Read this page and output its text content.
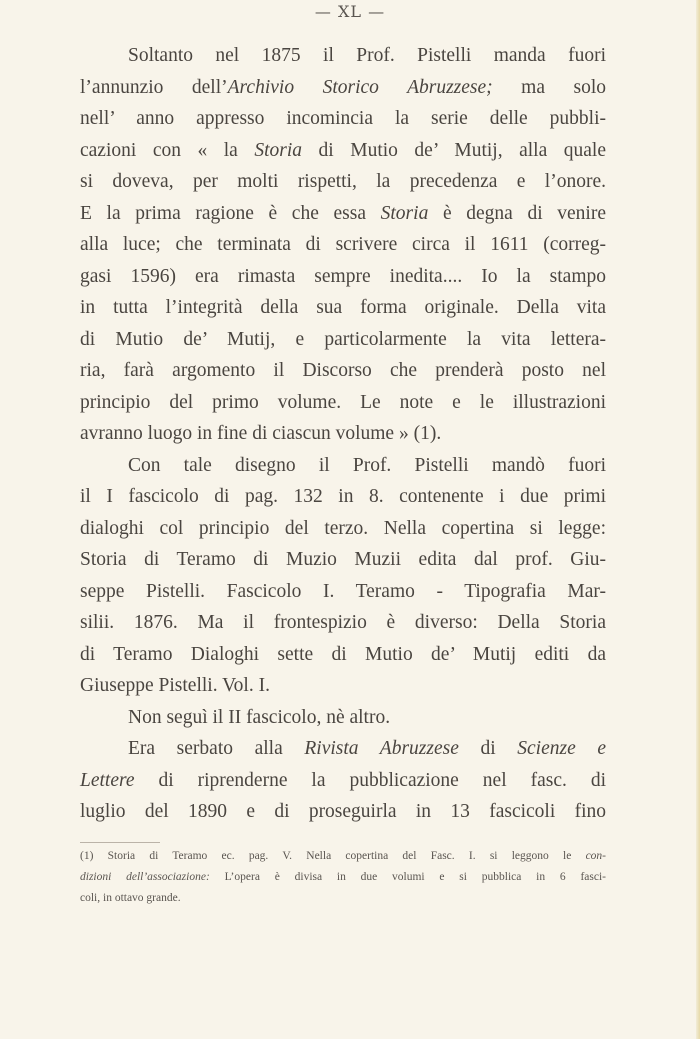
— XL —
Soltanto nel 1875 il Prof. Pistelli manda fuori
l’annunzio dell’Archivio Storico Abruzzese; ma solo
nell’ anno appresso incomincia la serie delle pubbli-
cazioni con « la Storia di Mutio de’ Mutij, alla quale
si doveva, per molti rispetti, la precedenza e l’onore.
E la prima ragione è che essa Storia è degna di venire
alla luce; che terminata di scrivere circa il 1611 (correg-
gasi 1596) era rimasta sempre inedita.... Io la stampo
in tutta l’integrità della sua forma originale. Della vita
di Mutio de’ Mutij, e particolarmente la vita lettera-
ria, farà argomento il Discorso che prenderà posto nel
principio del primo volume. Le note e le illustrazioni
avranno luogo in fine di ciascun volume » (1).
Con tale disegno il Prof. Pistelli mandò fuori
il I fascicolo di pag. 132 in 8. contenente i due primi
dialoghi col principio del terzo. Nella copertina si legge:
Storia di Teramo di Muzio Muzii edita dal prof. Giu-
seppe Pistelli. Fascicolo I. Teramo - Tipografia Mar-
silii. 1876. Ma il frontespizio è diverso: Della Storia
di Teramo Dialoghi sette di Mutio de’ Mutij editi da
Giuseppe Pistelli. Vol. I.
Non seguì il II fascicolo, nè altro.
Era serbato alla Rivista Abruzzese di Scienze e
Lettere di riprenderne la pubblicazione nel fasc. di
luglio del 1890 e di proseguirla in 13 fascicoli fino
(1) Storia di Teramo ec. pag. V. Nella copertina del Fasc. I. si leggono le con-
dizioni dell’associazione: L’opera è divisa in due volumi e si pubblica in 6 fasci-
coli, in ottavo grande.
